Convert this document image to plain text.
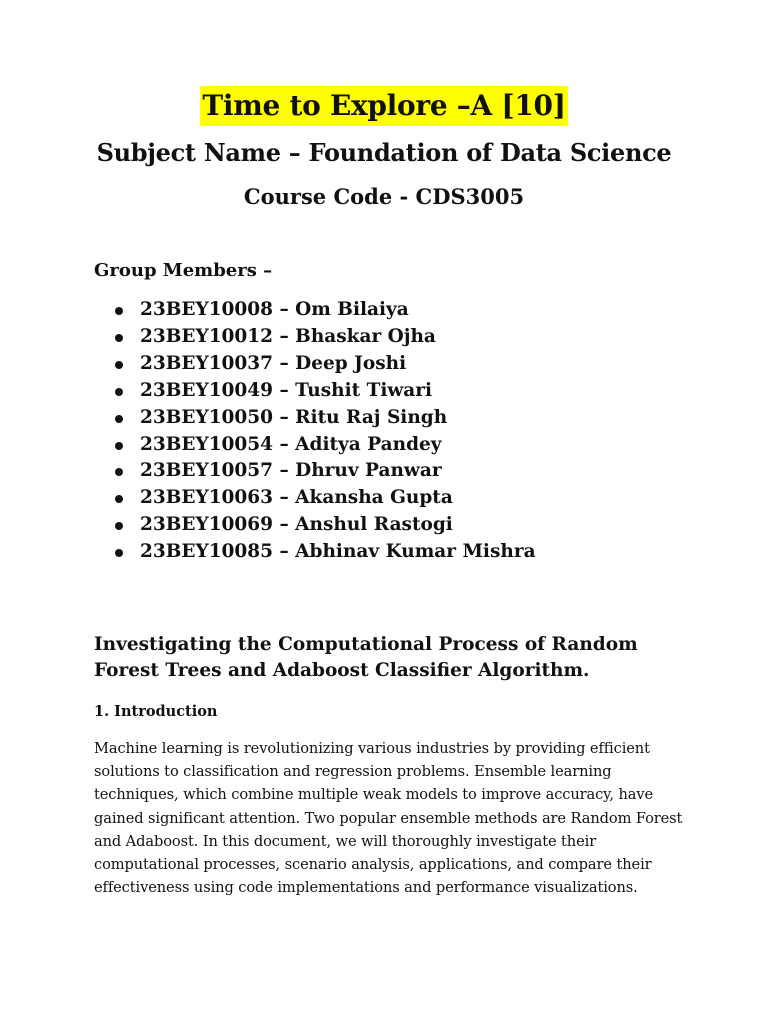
Time to Explore –A [10]
Subject Name – Foundation of Data Science
Course Code - CDS3005
Group Members –
23BEY10008 – Om Bilaiya
23BEY10012 – Bhaskar Ojha
23BEY10037 – Deep Joshi
23BEY10049 – Tushit Tiwari
23BEY10050 – Ritu Raj Singh
23BEY10054 – Aditya Pandey
23BEY10057 – Dhruv Panwar
23BEY10063 – Akansha Gupta
23BEY10069 – Anshul Rastogi
23BEY10085 – Abhinav Kumar Mishra
Investigating the Computational Process of Random Forest Trees and Adaboost Classifier Algorithm.
1. Introduction
Machine learning is revolutionizing various industries by providing efficient solutions to classification and regression problems. Ensemble learning techniques, which combine multiple weak models to improve accuracy, have gained significant attention. Two popular ensemble methods are Random Forest and Adaboost. In this document, we will thoroughly investigate their computational processes, scenario analysis, applications, and compare their effectiveness using code implementations and performance visualizations.
